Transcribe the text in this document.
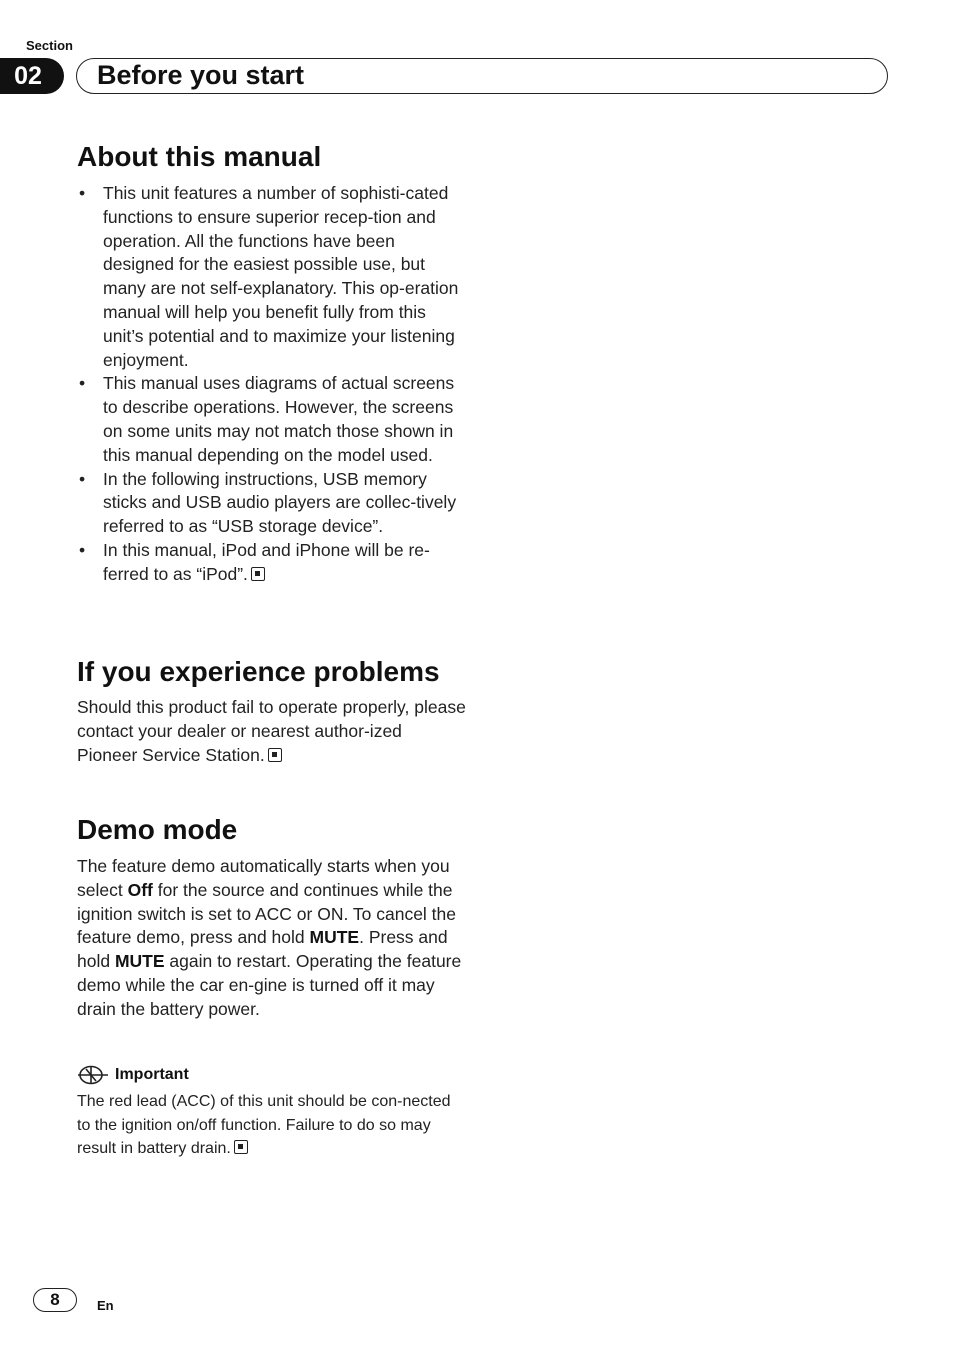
Section
02	Before you start
About this manual
• This unit features a number of sophisti-cated functions to ensure superior recep-tion and operation. All the functions have been designed for the easiest possible use, but many are not self-explanatory. This op-eration manual will help you benefit fully from this unit’s potential and to maximize your listening enjoyment.
• This manual uses diagrams of actual screens to describe operations. However, the screens on some units may not match those shown in this manual depending on the model used.
• In the following instructions, USB memory sticks and USB audio players are collec-tively referred to as “USB storage device”.
• In this manual, iPod and iPhone will be re-ferred to as “iPod”.
If you experience problems
Should this product fail to operate properly, please contact your dealer or nearest author-ized Pioneer Service Station.
Demo mode
The feature demo automatically starts when you select Off for the source and continues while the ignition switch is set to ACC or ON. To cancel the feature demo, press and hold MUTE. Press and hold MUTE again to restart. Operating the feature demo while the car en-gine is turned off it may drain the battery power.
Important
The red lead (ACC) of this unit should be con-nected to the ignition on/off function. Failure to do so may result in battery drain.
8	En
